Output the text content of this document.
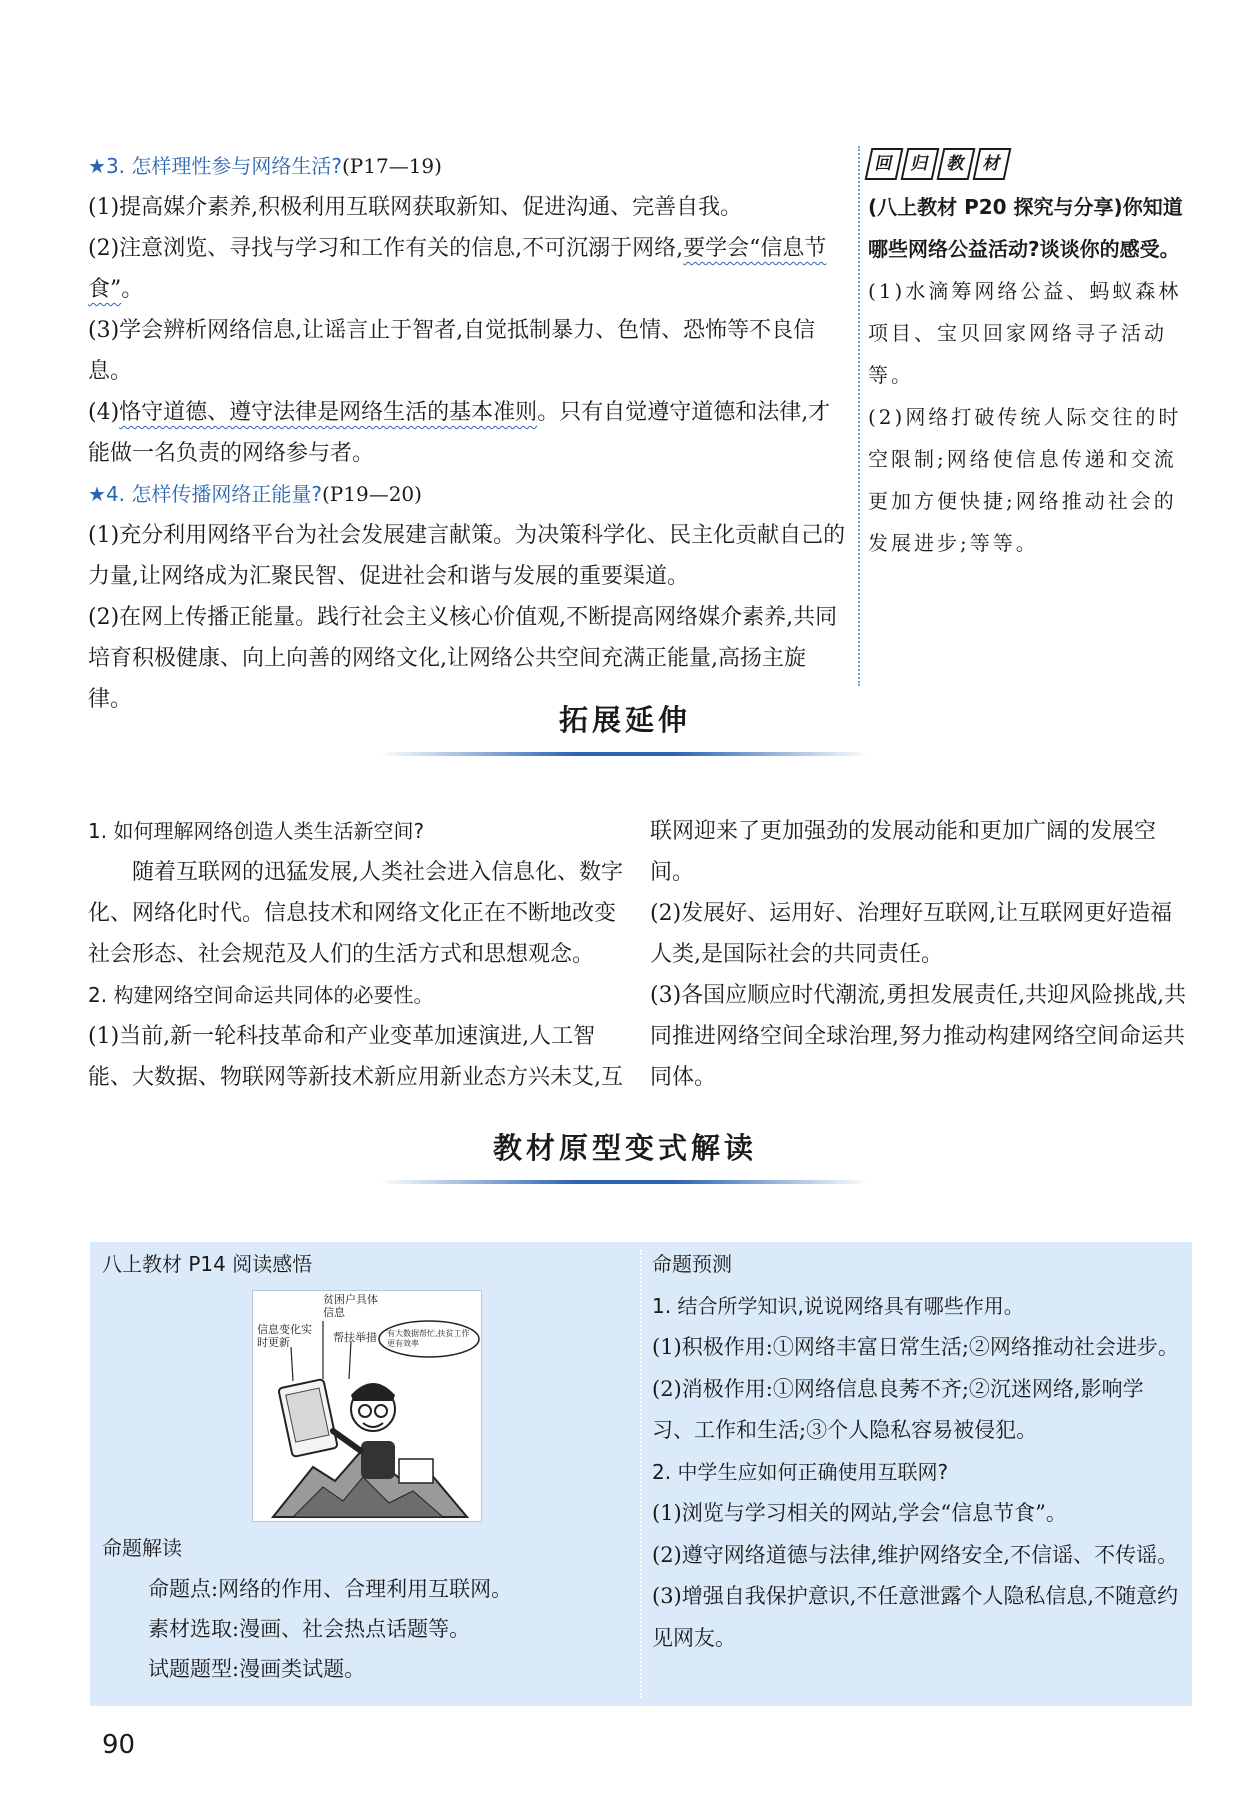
★3. 怎样理性参与网络生活?(P17—19)

(1)提高媒介素养,积极利用互联网获取新知、促进沟通、完善自我。

(2)注意浏览、寻找与学习和工作有关的信息,不可沉溺于网络,要学会“信息节食”。

(3)学会辨析网络信息,让谣言止于智者,自觉抵制暴力、色情、恐怖等不良信息。

(4)恪守道德、遵守法律是网络生活的基本准则。只有自觉遵守道德和法律,才能做一名负责的网络参与者。

★4. 怎样传播网络正能量?(P19—20)

(1)充分利用网络平台为社会发展建言献策。为决策科学化、民主化贡献自己的力量,让网络成为汇聚民智、促进社会和谐与发展的重要渠道。

(2)在网上传播正能量。践行社会主义核心价值观,不断提高网络媒介素养,共同培育积极健康、向上向善的网络文化,让网络公共空间充满正能量,高扬主旋律。

回 归 教 材

(八上教材 P20 探究与分享)你知道哪些网络公益活动?谈谈你的感受。

(1)水滴筹网络公益、蚂蚁森林项目、宝贝回家网络寻子活动等。

(2)网络打破传统人际交往的时空限制;网络使信息传递和交流更加方便快捷;网络推动社会的发展进步;等等。

拓展延伸

1. 如何理解网络创造人类生活新空间?

随着互联网的迅猛发展,人类社会进入信息化、数字化、网络化时代。信息技术和网络文化正在不断地改变社会形态、社会规范及人们的生活方式和思想观念。

2. 构建网络空间命运共同体的必要性。

(1)当前,新一轮科技革命和产业变革加速演进,人工智能、大数据、物联网等新技术新应用新业态方兴未艾,互

联网迎来了更加强劲的发展动能和更加广阔的发展空间。

(2)发展好、运用好、治理好互联网,让互联网更好造福人类,是国际社会的共同责任。

(3)各国应顺应时代潮流,勇担发展责任,共迎风险挑战,共同推进网络空间全球治理,努力推动构建网络空间命运共同体。

教材原型变式解读
八上教材 P14 阅读感悟
贫困户具体信息
信息变化实时更新	帮扶举措	有大数据帮忙,扶贫工作更有效率

命题解读

命题点:网络的作用、合理利用互联网。

素材选取:漫画、社会热点话题等。

试题题型:漫画类试题。

命题预测

1. 结合所学知识,说说网络具有哪些作用。

(1)积极作用:①网络丰富日常生活;②网络推动社会进步。

(2)消极作用:①网络信息良莠不齐;②沉迷网络,影响学习、工作和生活;③个人隐私容易被侵犯。

2. 中学生应如何正确使用互联网?

(1)浏览与学习相关的网站,学会“信息节食”。

(2)遵守网络道德与法律,维护网络安全,不信谣、不传谣。

(3)增强自我保护意识,不任意泄露个人隐私信息,不随意约见网友。

90
